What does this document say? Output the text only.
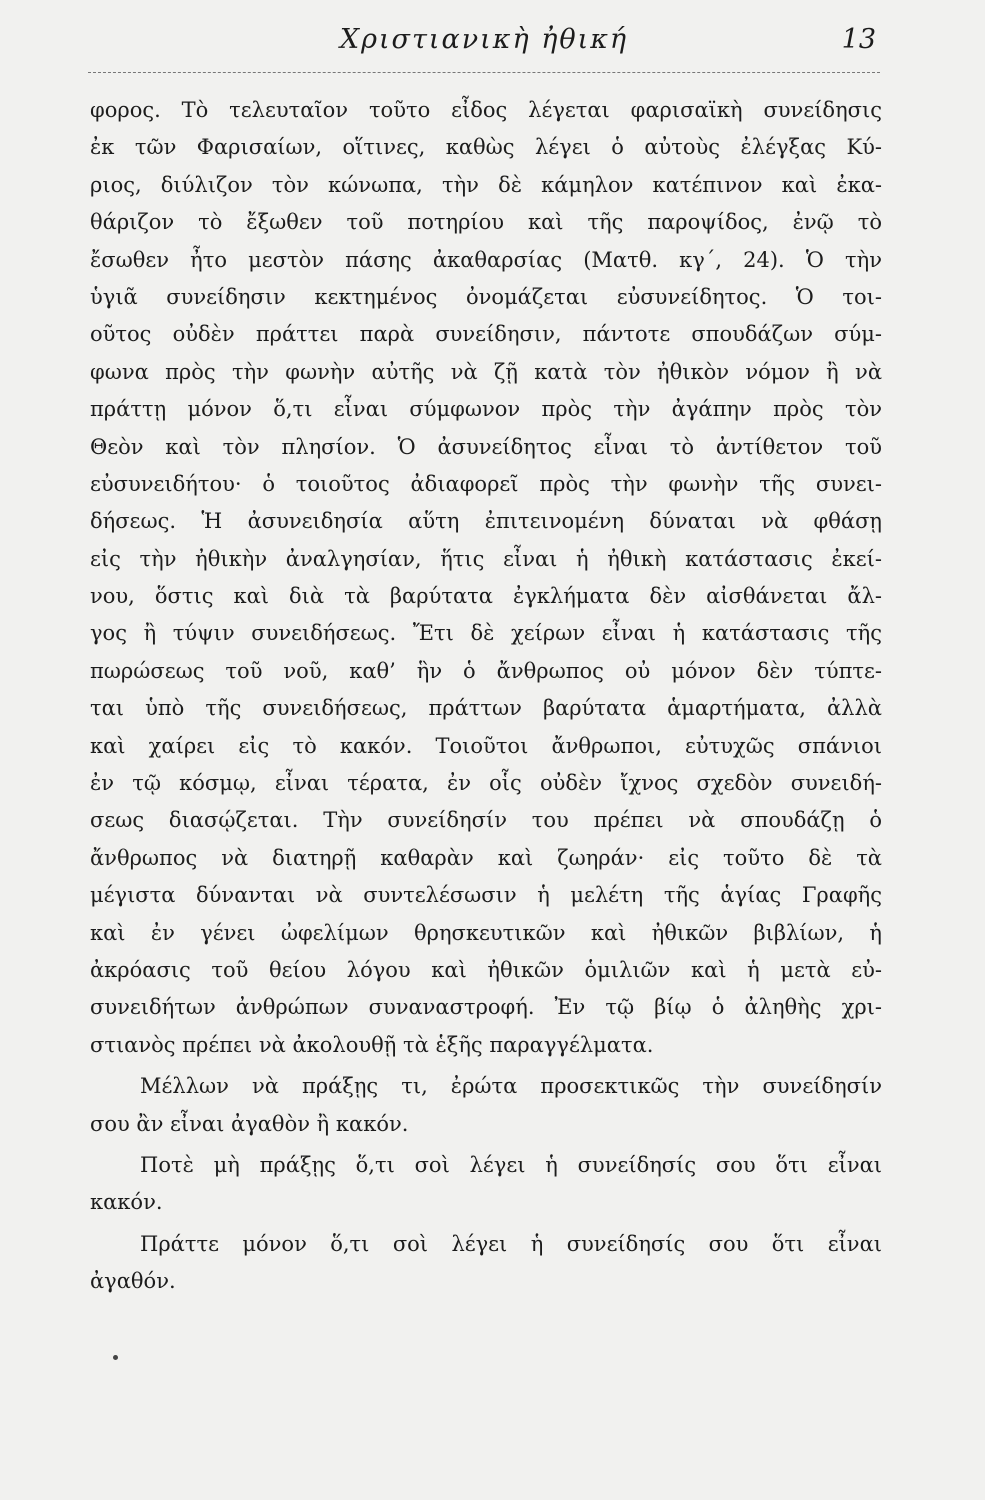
Χριστιανικὴ ἠθική	13
φορος. Τὸ τελευταῖον τοῦτο εἶδος λέγεται φαρισαϊκὴ συνείδησις
ἐκ τῶν Φαρισαίων, οἵτινες, καθὼς λέγει ὁ αὐτοὺς ἐλέγξας Κύ-
ριος, διύλιζον τὸν κώνωπα, τὴν δὲ κάμηλον κατέπινον καὶ ἐκα-
θάριζον τὸ ἔξωθεν τοῦ ποτηρίου καὶ τῆς παροψίδος, ἐνῷ τὸ
ἔσωθεν ἦτο μεστὸν πάσης ἀκαθαρσίας (Ματθ. κγ´, 24). Ὁ τὴν
ὑγιᾶ συνείδησιν κεκτημένος ὀνομάζεται εὐσυνείδητος. Ὁ τοι-
οῦτος οὐδὲν πράττει παρὰ συνείδησιν, πάντοτε σπουδάζων σύμ-
φωνα πρὸς τὴν φωνὴν αὐτῆς νὰ ζῇ κατὰ τὸν ἠθικὸν νόμον ἢ νὰ
πράττῃ μόνον ὅ,τι εἶναι σύμφωνον πρὸς τὴν ἀγάπην πρὸς τὸν
Θεὸν καὶ τὸν πλησίον. Ὁ ἀσυνείδητος εἶναι τὸ ἀντίθετον τοῦ
εὐσυνειδήτου· ὁ τοιοῦτος ἀδιαφορεῖ πρὸς τὴν φωνὴν τῆς συνει-
δήσεως. Ἡ ἀσυνειδησία αὕτη ἐπιτεινομένη δύναται νὰ φθάσῃ
εἰς τὴν ἠθικὴν ἀναλγησίαν, ἥτις εἶναι ἡ ἠθικὴ κατάστασις ἐκεί-
νου, ὅστις καὶ διὰ τὰ βαρύτατα ἐγκλήματα δὲν αἰσθάνεται ἄλ-
γος ἢ τύψιν συνειδήσεως. Ἔτι δὲ χείρων εἶναι ἡ κατάστασις τῆς
πωρώσεως τοῦ νοῦ, καθ’ ἣν ὁ ἄνθρωπος οὐ μόνον δὲν τύπτε-
ται ὑπὸ τῆς συνειδήσεως, πράττων βαρύτατα ἁμαρτήματα, ἀλλὰ
καὶ χαίρει εἰς τὸ κακόν. Τοιοῦτοι ἄνθρωποι, εὐτυχῶς σπάνιοι
ἐν τῷ κόσμῳ, εἶναι τέρατα, ἐν οἷς οὐδὲν ἴχνος σχεδὸν συνειδή-
σεως διασῴζεται. Τὴν συνείδησίν του πρέπει νὰ σπουδάζῃ ὁ
ἄνθρωπος νὰ διατηρῇ καθαρὰν καὶ ζωηράν· εἰς τοῦτο δὲ τὰ
μέγιστα δύνανται νὰ συντελέσωσιν ἡ μελέτη τῆς ἁγίας Γραφῆς
καὶ ἐν γένει ὠφελίμων θρησκευτικῶν καὶ ἠθικῶν βιβλίων, ἡ
ἀκρόασις τοῦ θείου λόγου καὶ ἠθικῶν ὁμιλιῶν καὶ ἡ μετὰ εὐ-
συνειδήτων ἀνθρώπων συναναστροφή. Ἐν τῷ βίῳ ὁ ἀληθὴς χρι-
στιανὸς πρέπει νὰ ἀκολουθῇ τὰ ἑξῆς παραγγέλματα.
Μέλλων νὰ πράξῃς τι, ἐρώτα προσεκτικῶς τὴν συνείδησίν
σου ἂν εἶναι ἀγαθὸν ἢ κακόν.
Ποτὲ μὴ πράξῃς ὅ,τι σοὶ λέγει ἡ συνείδησίς σου ὅτι εἶναι
κακόν.
Πράττε μόνον ὅ,τι σοὶ λέγει ἡ συνείδησίς σου ὅτι εἶναι
ἀγαθόν.
